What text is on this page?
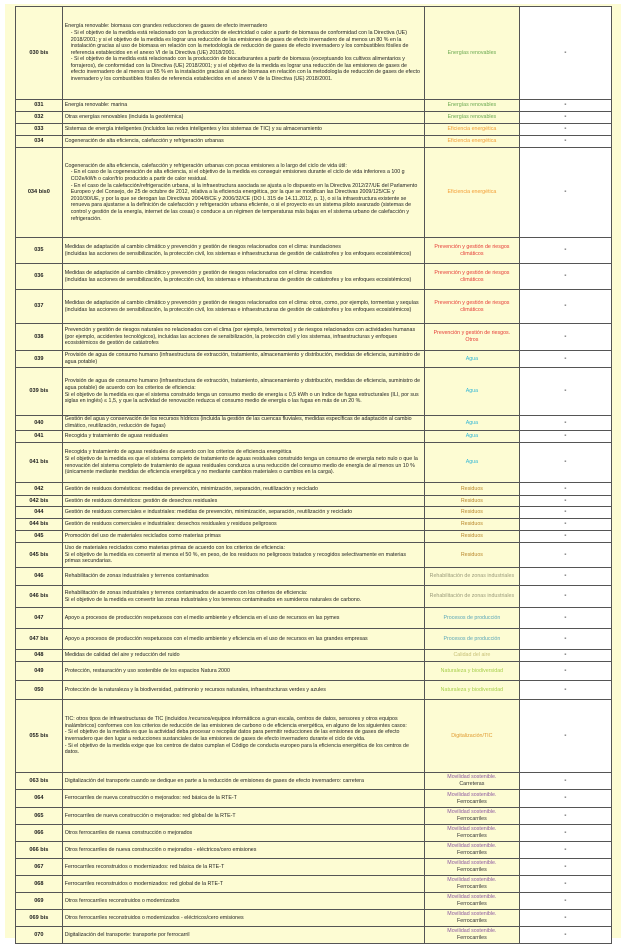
030 bis	Energía renovable: biomasa con grandes reducciones de gases de efecto invernadero
- Si el objetivo de la medida está relacionado con la producción de electricidad o calor a partir de biomasa de conformidad con la Directiva (UE) 2018/2001; y si el objetivo de la medida es lograr una reducción de las emisiones de gases de efecto invernadero de al menos un 80 % en la instalación gracias al uso de biomasa en relación con la metodología de reducción de gases de efecto invernadero y los combustibles fósiles de referencia establecidos en el anexo VI de la Directiva (UE) 2018/2001.
- Si el objetivo de la medida está relacionado con la producción de biocarburantes a partir de biomasa (exceptuando los cultivos alimentarios y forrajeros), de conformidad con la Directiva (UE) 2018/2001; y si el objetivo de la medida es lograr una reducción de las emisiones de gases de efecto invernadero de al menos un 65 % en la instalación gracias al uso de biomasa en relación con la metodología de reducción de gases de efecto invernadero y los combustibles fósiles de referencia establecidos en el anexo V de la Directiva (UE) 2018/2001.	Energías renovables	-
031	Energía renovable: marina	Energías renovables	-
032	Otras energías renovables (incluida la geotérmica)	Energías renovables	-
033	Sistemas de energía inteligentes (incluidos las redes inteligentes y los sistemas de TIC) y su almacenamiento	Eficiencia energética	-
034	Cogeneración de alta eficiencia, calefacción y refrigeración urbanas	Eficiencia energética	-
034 bis0	Cogeneración de alta eficiencia, calefacción y refrigeración urbanas con pocas emisiones a lo largo del ciclo de vida útil:
- En el caso de la cogeneración de alta eficiencia, si el objetivo de la medida es conseguir emisiones durante el ciclo de vida inferiores a 100 g CO2e/kWh o calor/frío producido a partir de calor residual.
- En el caso de la calefacción/refrigeración urbana, si la infraestructura asociada se ajusta a lo dispuesto en la Directiva 2012/27/UE del Parlamento Europeo y del Consejo, de 25 de octubre de 2012, relativa a la eficiencia energética, por la que se modifican las Directivas 2009/125/CE y 2010/30/UE, y por la que se derogan las Directivas 2004/8/CE y 2006/32/CE (DO L 315 de 14.11.2012, p. 1), o si la infraestructura existente se renueva para ajustarse a la definición de calefacción y refrigeración urbana eficiente, o si el proyecto es un sistema piloto avanzado (sistemas de control y gestión de la energía, internet de las cosas) o conduce a un régimen de temperaturas más bajas en el sistema urbano de calefacción y refrigeración.	Eficiencia energética	-
035	Medidas de adaptación al cambio climático y prevención y gestión de riesgos relacionados con el clima: inundaciones
(incluidas las acciones de sensibilización, la protección civil, los sistemas e infraestructuras de gestión de catástrofes y los enfoques ecosistémicos)	Prevención y gestión de riesgos climáticos	-
036	Medidas de adaptación al cambio climático y prevención y gestión de riesgos relacionados con el clima: incendios
(incluidas las acciones de sensibilización, la protección civil, los sistemas e infraestructuras de gestión de catástrofes y los enfoques ecosistémicos)	Prevención y gestión de riesgos climáticos	-
037	Medidas de adaptación al cambio climático y prevención y gestión de riesgos relacionados con el clima: otros, como, por ejemplo, tormentas y sequías
(incluidas las acciones de sensibilización, la protección civil, los sistemas e infraestructuras de gestión de catástrofes y los enfoques ecosistémicos)	Prevención y gestión de riesgos climáticos	-
038	Prevención y gestión de riesgos naturales no relacionados con el clima (por ejemplo, terremotos) y de riesgos relacionados con actividades humanas (por ejemplo, accidentes tecnológicos), incluidas las acciones de sensibilización, la protección civil y los sistemas, infraestructuras y enfoques ecosistémicos de gestión de catástrofes	Prevención y gestión de riesgos. Otros	-
039	Provisión de agua de consumo humano (infraestructura de extracción, tratamiento, almacenamiento y distribución, medidas de eficiencia, suministro de agua potable)	Agua	-
039 bis	Provisión de agua de consumo humano (infraestructura de extracción, tratamiento, almacenamiento y distribución, medidas de eficiencia, suministro de agua potable) de acuerdo con los criterios de eficiencia:
Si el objetivo de la medida es que el sistema construido tenga un consumo medio de energía ≤ 0,5 kWh o un índice de fugas estructurales (ILI, por sus siglas en inglés) ≤ 1,5, y que la actividad de renovación reduzca el consumo medio de energía o las fugas en más de un 20 %.	Agua	-
040	Gestión del agua y conservación de los recursos hídricos (incluida la gestión de las cuencas fluviales, medidas específicas de adaptación al cambio climático, reutilización, reducción de fugas)	Agua	-
041	Recogida y tratamiento de aguas residuales	Agua	-
041 bis	Recogida y tratamiento de aguas residuales de acuerdo con los criterios de eficiencia energética
Si el objetivo de la medida es que el sistema completo de tratamiento de aguas residuales construido tenga un consumo de energía neto nulo o que la renovación del sistema completo de tratamiento de aguas residuales conduzca a una reducción del consumo medio de energía de al menos un 10 % (únicamente mediante medidas de eficiencia energética y no mediante cambios materiales o cambios en la carga).	Agua	-
042	Gestión de residuos domésticos: medidas de prevención, minimización, separación, reutilización y reciclado	Residuos	-
042 bis	Gestión de residuos domésticos: gestión de desechos residuales	Residuos	-
044	Gestión de residuos comerciales e industriales: medidas de prevención, minimización, separación, reutilización y reciclado	Residuos	-
044 bis	Gestión de residuos comerciales e industriales: desechos residuales y residuos peligrosos	Residuos	-
045	Promoción del uso de materiales reciclados como materias primas	Residuos	-
045 bis	Uso de materiales reciclados como materias primas de acuerdo con los criterios de eficiencia:
Si el objetivo de la medida es convertir al menos el 50 %, en peso, de los residuos no peligrosos tratados y recogidos selectivamente en materias primas secundarias.	Residuos	-
046	Rehabilitación de zonas industriales y terrenos contaminados	Rehabilitación de zonas industriales	-
046 bis	Rehabilitación de zonas industriales y terrenos contaminados de acuerdo con los criterios de eficiencia:
Si el objetivo de la medida es convertir las zonas industriales y los terrenos contaminados en sumideros naturales de carbono.	Rehabilitación de zonas industriales	-
047	Apoyo a procesos de producción respetuosos con el medio ambiente y eficiencia en el uso de recursos en las pymes	Procesos de producción	-
047 bis	Apoyo a procesos de producción respetuosos con el medio ambiente y eficiencia en el uso de recursos en las grandes empresas	Procesos de producción	-
048	Medidas de calidad del aire y reducción del ruido	Calidad del aire	-
049	Protección, restauración y uso sostenible de los espacios Natura 2000	Naturaleza y biodiversidad	-
050	Protección de la naturaleza y la biodiversidad, patrimonio y recursos naturales, infraestructuras verdes y azules	Naturaleza y biodiversidad	-
055 bis	TIC: otros tipos de infraestructuras de TIC (incluidos /recursos/equipos informáticos a gran escala, centros de datos, sensores y otros equipos inalámbricos) conformes con los criterios de reducción de las emisiones de carbono o de eficiencia energética, en alguno de los siguientes casos:
- Si el objetivo de la medida es que la actividad deba procesar o recopilar datos para permitir reducciones de las emisiones de gases de efecto invernadero que den lugar a reducciones sustanciales de las emisiones de gases de efecto invernadero durante el ciclo de vida.
- Si el objetivo de la medida exige que los centros de datos cumplan el Código de conducta europeo para la eficiencia energética de los centros de datos.	Digitalización/TIC	-
063 bis	Digitalización del transporte cuando se dedique en parte a la reducción de emisiones de gases de efecto invernadero: carretera	Movilidad sostenible.
Carreteras	-
064	Ferrocarriles de nueva construcción o mejorados: red básica de la RTE-T	Movilidad sostenible.
Ferrocarriles	-
065	Ferrocarriles de nueva construcción o mejorados: red global de la RTE-T	Movilidad sostenible.
Ferrocarriles	-
066	Otros ferrocarriles de nueva construcción o mejorados	Movilidad sostenible.
Ferrocarriles	-
066 bis	Otros ferrocarriles de nueva construcción o mejorados - eléctricos/cero emisiones	Movilidad sostenible.
Ferrocarriles	-
067	Ferrocarriles reconstruidos o modernizados: red básica de la RTE-T	Movilidad sostenible.
Ferrocarriles	-
068	Ferrocarriles reconstruidos o modernizados: red global de la RTE-T	Movilidad sostenible.
Ferrocarriles	-
069	Otros ferrocarriles reconstruidos o modernizados	Movilidad sostenible.
Ferrocarriles	-
069 bis	Otros ferrocarriles reconstruidos o modernizados - eléctricos/cero emisiones	Movilidad sostenible.
Ferrocarriles	-
070	Digitalización del transporte: transporte por ferrocarril	Movilidad sostenible.
Ferrocarriles	-
